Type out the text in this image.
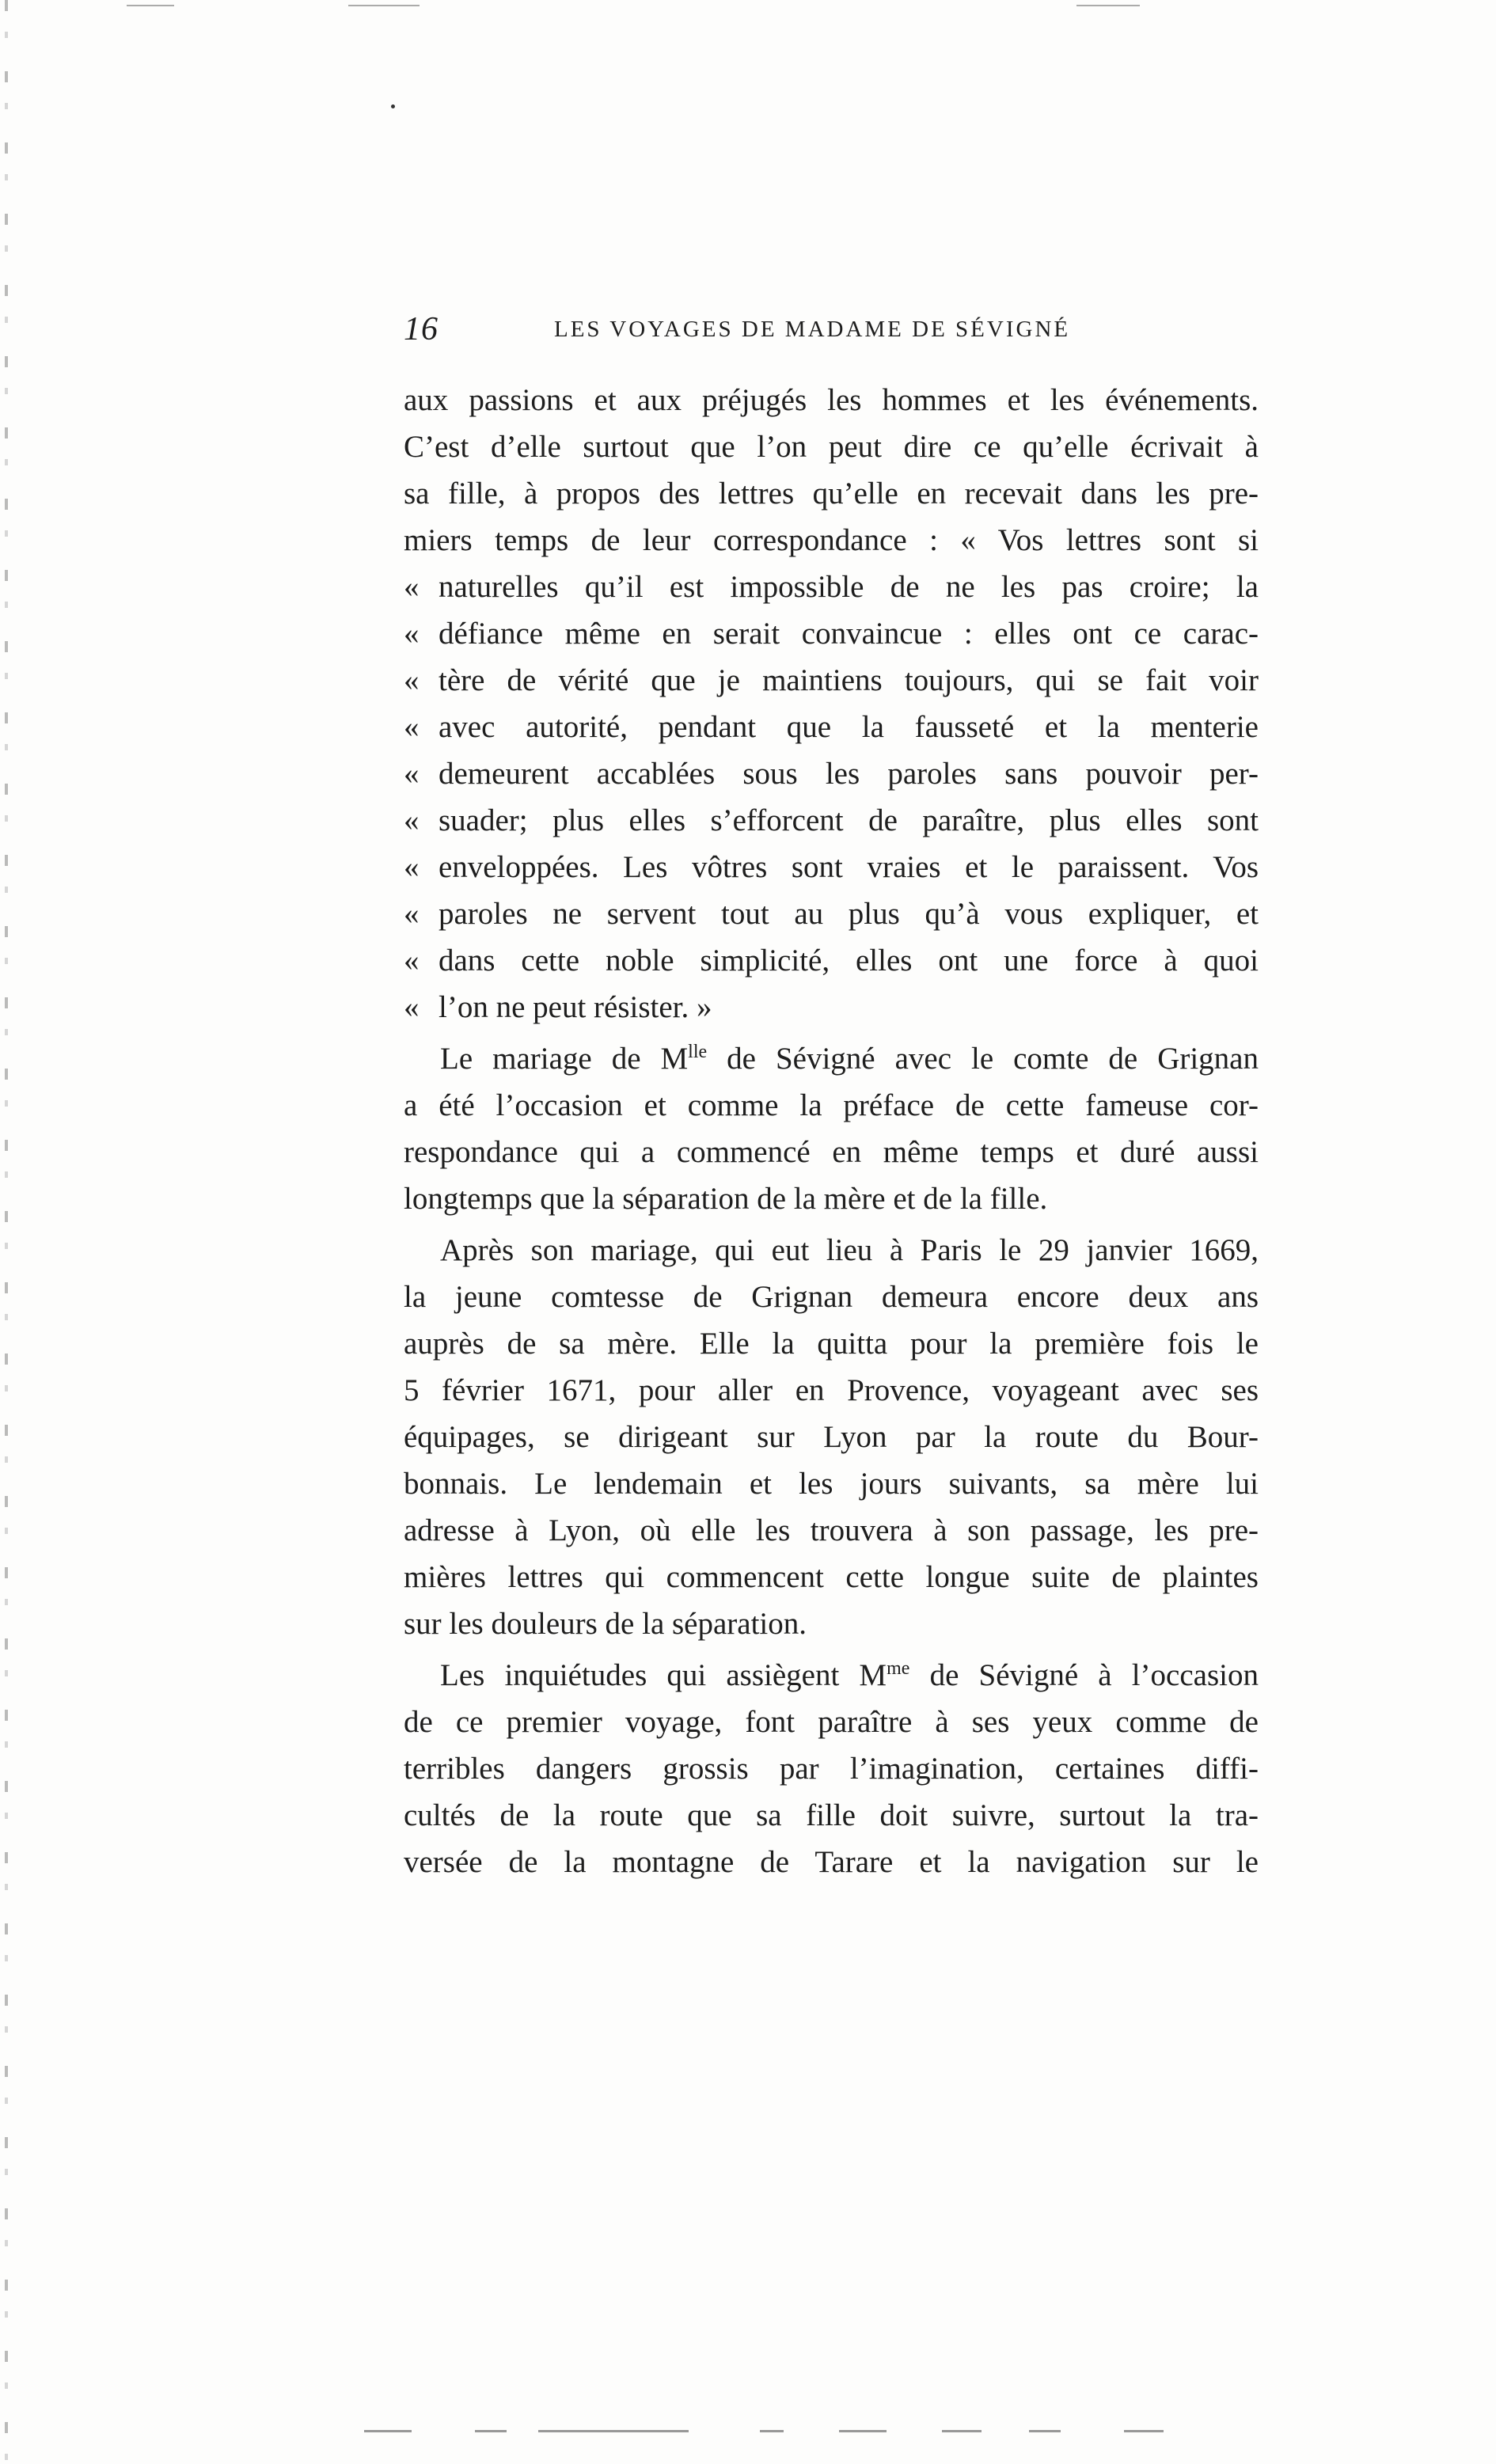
16	LES VOYAGES DE MADAME DE SÉVIGNÉ
aux passions et aux préjugés les hommes et les événements.
C’est d’elle surtout que l’on peut dire ce qu’elle écrivait à
sa fille, à propos des lettres qu’elle en recevait dans les pre-
miers temps de leur correspondance : « Vos lettres sont si
« naturelles qu’il est impossible de ne les pas croire; la
« défiance même en serait convaincue : elles ont ce carac-
« tère de vérité que je maintiens toujours, qui se fait voir
« avec autorité, pendant que la fausseté et la menterie
« demeurent accablées sous les paroles sans pouvoir per-
« suader; plus elles s’efforcent de paraître, plus elles sont
« enveloppées. Les vôtres sont vraies et le paraissent. Vos
« paroles ne servent tout au plus qu’à vous expliquer, et
« dans cette noble simplicité, elles ont une force à quoi
« l’on ne peut résister. »
Le mariage de $M^{lle}$ de Sévigné avec le comte de Grignan
a été l’occasion et comme la préface de cette fameuse cor-
respondance qui a commencé en même temps et duré aussi
longtemps que la séparation de la mère et de la fille.
Après son mariage, qui eut lieu à Paris le 29 janvier 1669,
la jeune comtesse de Grignan demeura encore deux ans
auprès de sa mère. Elle la quitta pour la première fois le
5 février 1671, pour aller en Provence, voyageant avec ses
équipages, se dirigeant sur Lyon par la route du Bour-
bonnais. Le lendemain et les jours suivants, sa mère lui
adresse à Lyon, où elle les trouvera à son passage, les pre-
mières lettres qui commencent cette longue suite de plaintes
sur les douleurs de la séparation.
Les inquiétudes qui assiègent $M^{me}$ de Sévigné à l’occasion
de ce premier voyage, font paraître à ses yeux comme de
terribles dangers grossis par l’imagination, certaines diffi-
cultés de la route que sa fille doit suivre, surtout la tra-
versée de la montagne de Tarare et la navigation sur le
